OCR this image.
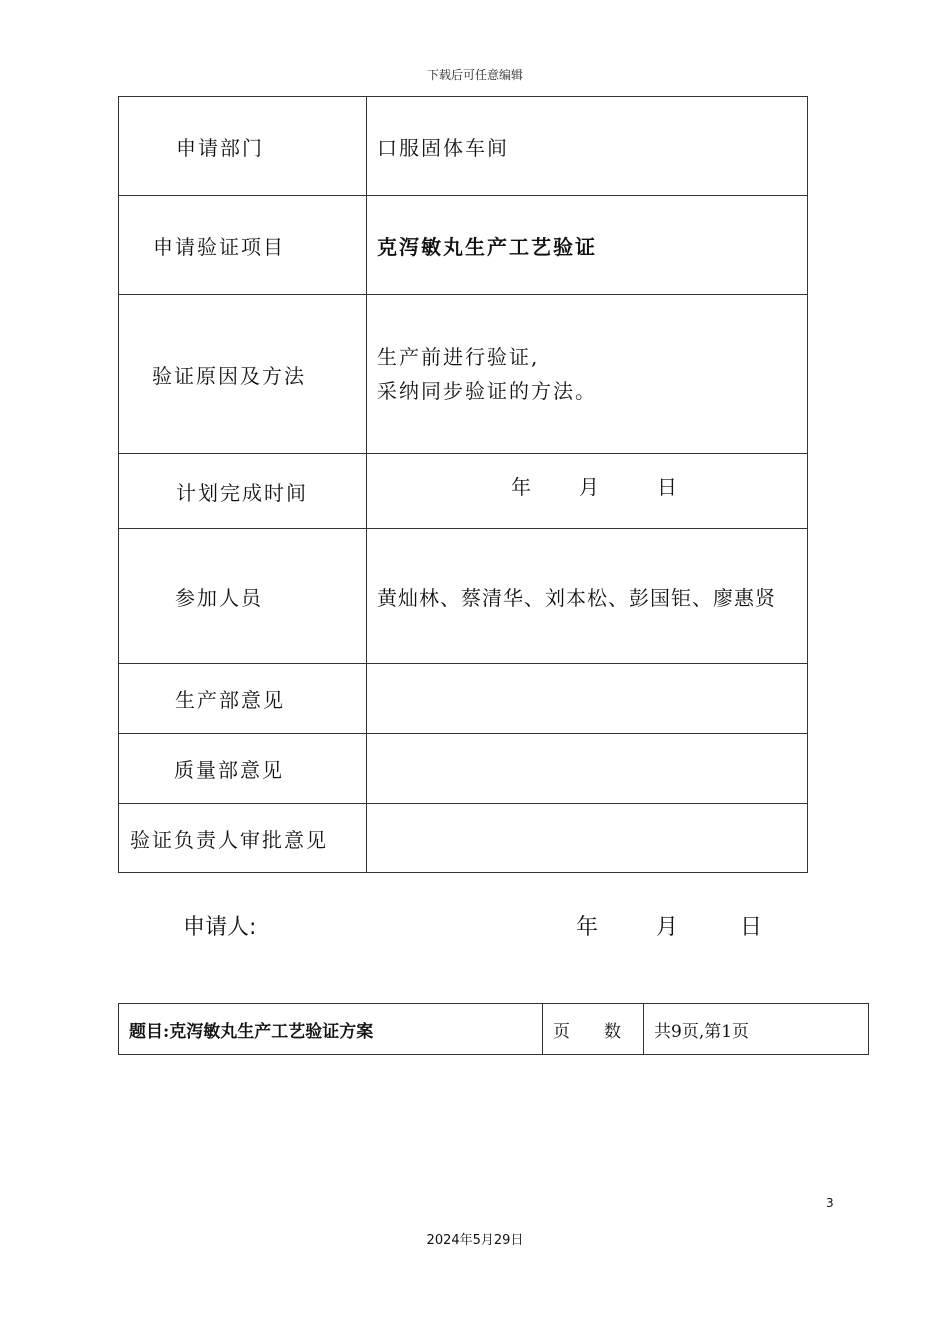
下载后可任意编辑
申请部门	口服固体车间

申请验证项目	克泻敏丸生产工艺验证

验证原因及方法	生产前进行验证,
采纳同步验证的方法。

计划完成时间	年 月 日

参加人员	黄灿林、蔡清华、刘本松、彭国钜、廖惠贤

生产部意见	

质量部意见	

验证负责人审批意见	

申请人:	年	月	日
题目:克泻敏丸生产工艺验证方案	页　　数	共9页,第1页
3
2024年5月29日
